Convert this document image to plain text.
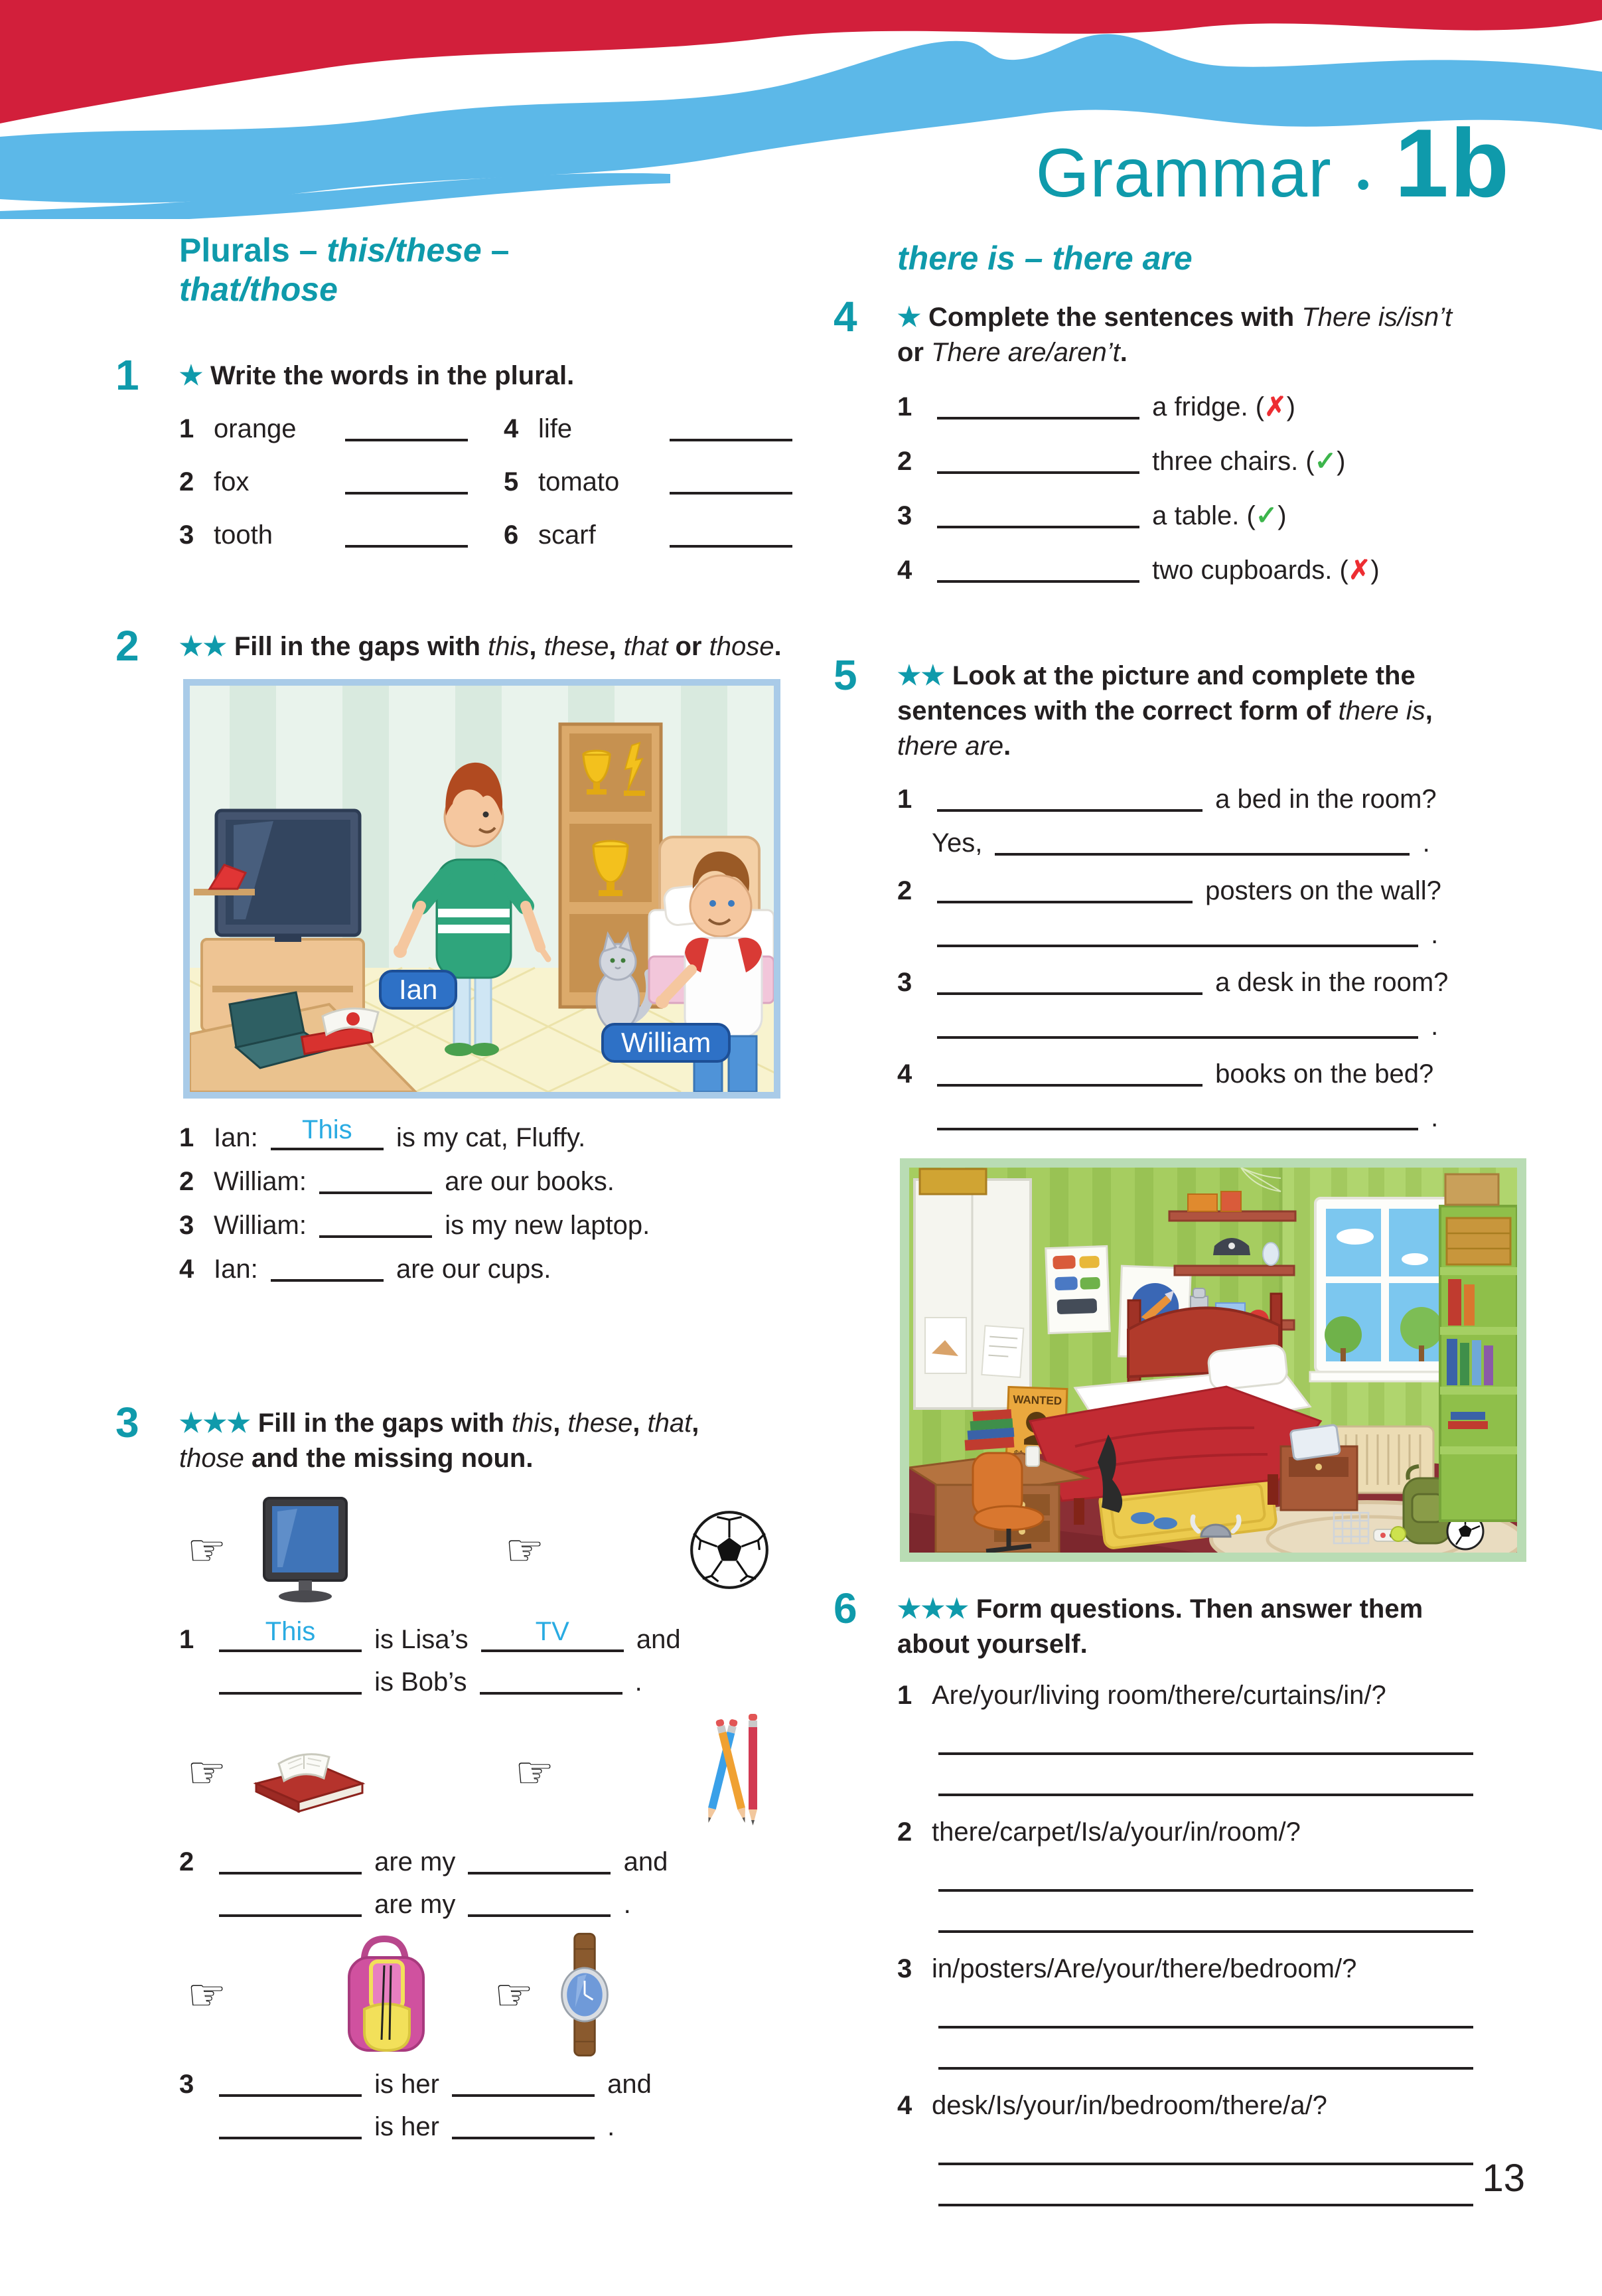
Grammar • 1b
Plurals – this/these –
that/those
1 ★ Write the words in the plural.
1 orange	4 life
2 fox	5 tomato
3 tooth	6 scarf
2 ★★ Fill in the gaps with this, these, that or those.
Ian
William
1 Ian:	This	is my cat, Fluffy.
2 William:	are our books.
3 William:	is my new laptop.
4 Ian:	are our cups.
3 ★★★ Fill in the gaps with this, these, that, those and the missing noun.
☞	☞
1	This	is Lisa’s	TV	and
is Bob’s	.
☞	☞
2	are my	and
are my	.
☞	☞
3	is her	and
is her	.
there is – there are
4 ★ Complete the sentences with There is/isn’t or There are/aren’t.
1	a fridge. (✗)
2	three chairs. (✓)
3	a table. (✓)
4	two cupboards. (✗)
5 ★★ Look at the picture and complete the sentences with the correct form of there is, there are.
1	a bed in the room?
Yes,	.
2	posters on the wall?
.
3	a desk in the room?
.
4	books on the bed?
.
WANTED
6 ★★★ Form questions. Then answer them about yourself.
1 Are/your/living room/there/curtains/in/?
2 there/carpet/Is/a/your/in/room/?
3 in/posters/Are/your/there/bedroom/?
4 desk/Is/your/in/bedroom/there/a/?
13
